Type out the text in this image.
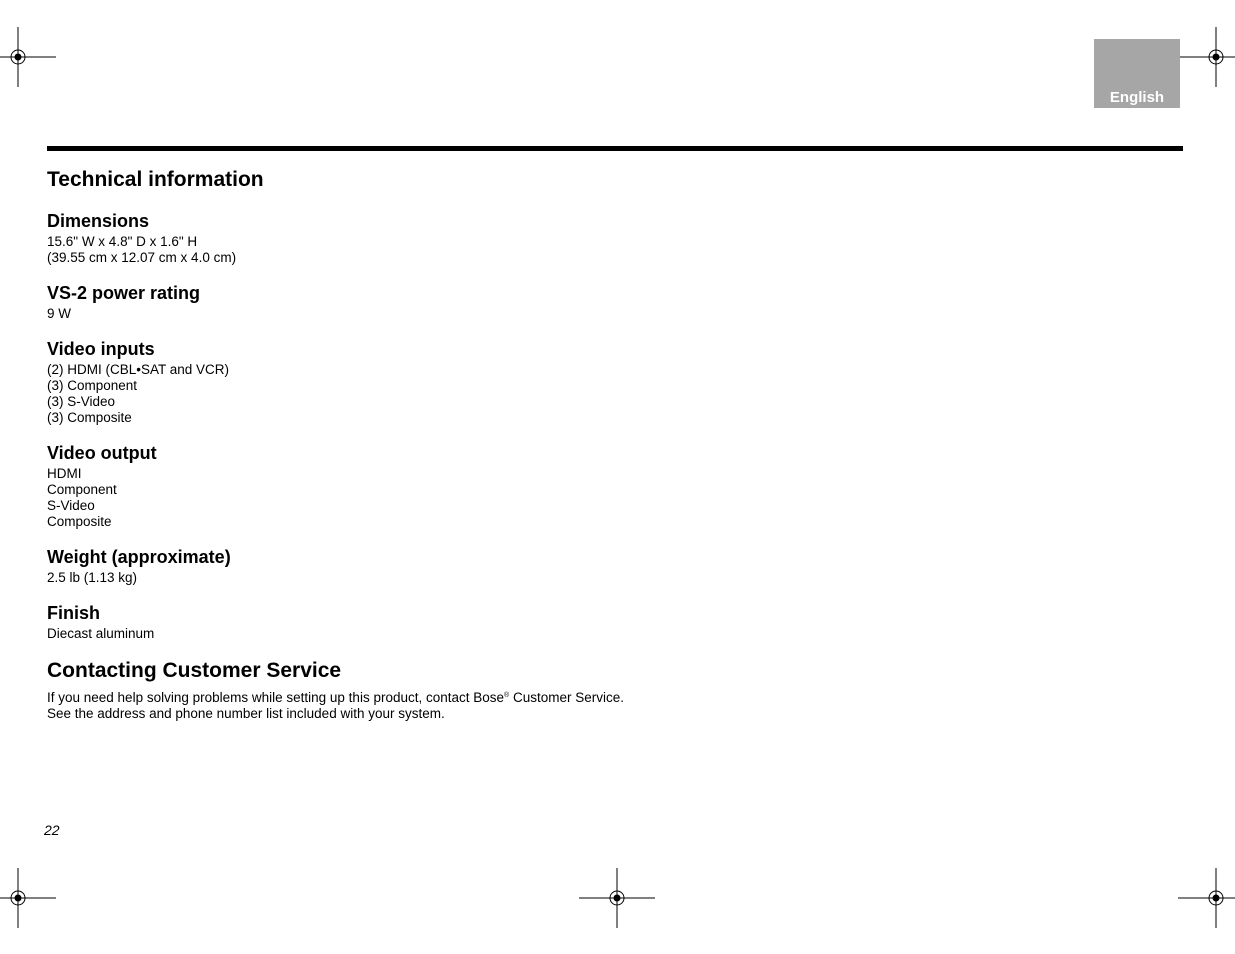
English
Technical information
Dimensions
15.6" W x 4.8" D x 1.6" H
(39.55 cm x 12.07 cm x 4.0 cm)
VS-2 power rating
9 W
Video inputs
(2) HDMI (CBL•SAT and VCR)
(3) Component
(3) S-Video
(3) Composite
Video output
HDMI
Component
S-Video
Composite
Weight (approximate)
2.5 lb (1.13 kg)
Finish
Diecast aluminum
Contacting Customer Service
If you need help solving problems while setting up this product, contact Bose® Customer Service.
See the address and phone number list included with your system.
22
